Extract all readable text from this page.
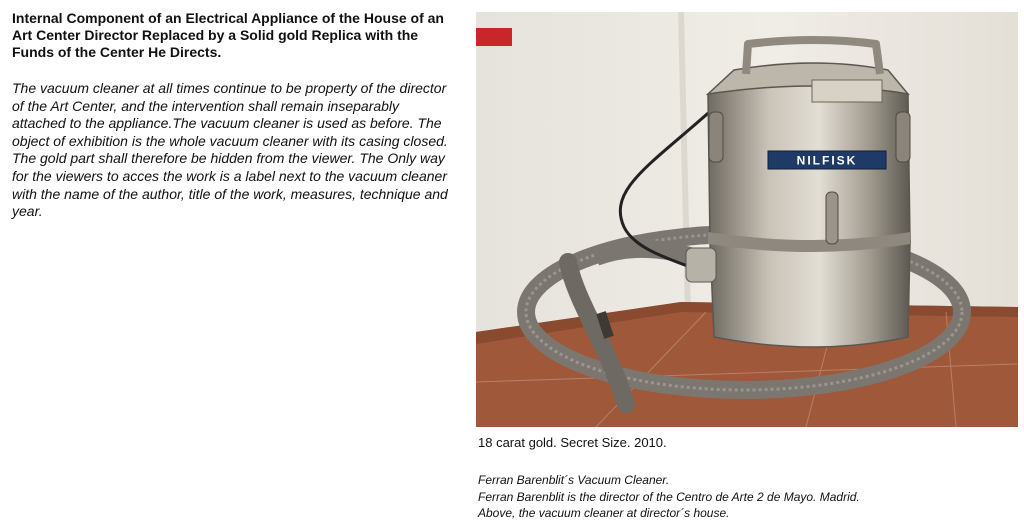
Internal Component of an Electrical Appliance of the House of an Art Center Director Replaced by a Solid gold Replica with the Funds of the Center He Directs.

The vacuum cleaner at all times continue to be property of the director of the Art Center, and the intervention shall remain inseparably attached to the appliance.The vacuum cleaner is used as before. The object of exhibition is the whole vacuum cleaner with its casing closed. The gold part shall therefore be hidden from the viewer. The Only way for the viewers to acces the work is a label next to the vacuum cleaner with the name of the author, title of the work, measures, technique and year.

NILFISK

18 carat gold. Secret Size. 2010.

Ferran Barenblit´s Vacuum Cleaner.
Ferran Barenblit is the director of the Centro de Arte 2 de Mayo. Madrid.
Above, the vacuum cleaner at director´s house.
